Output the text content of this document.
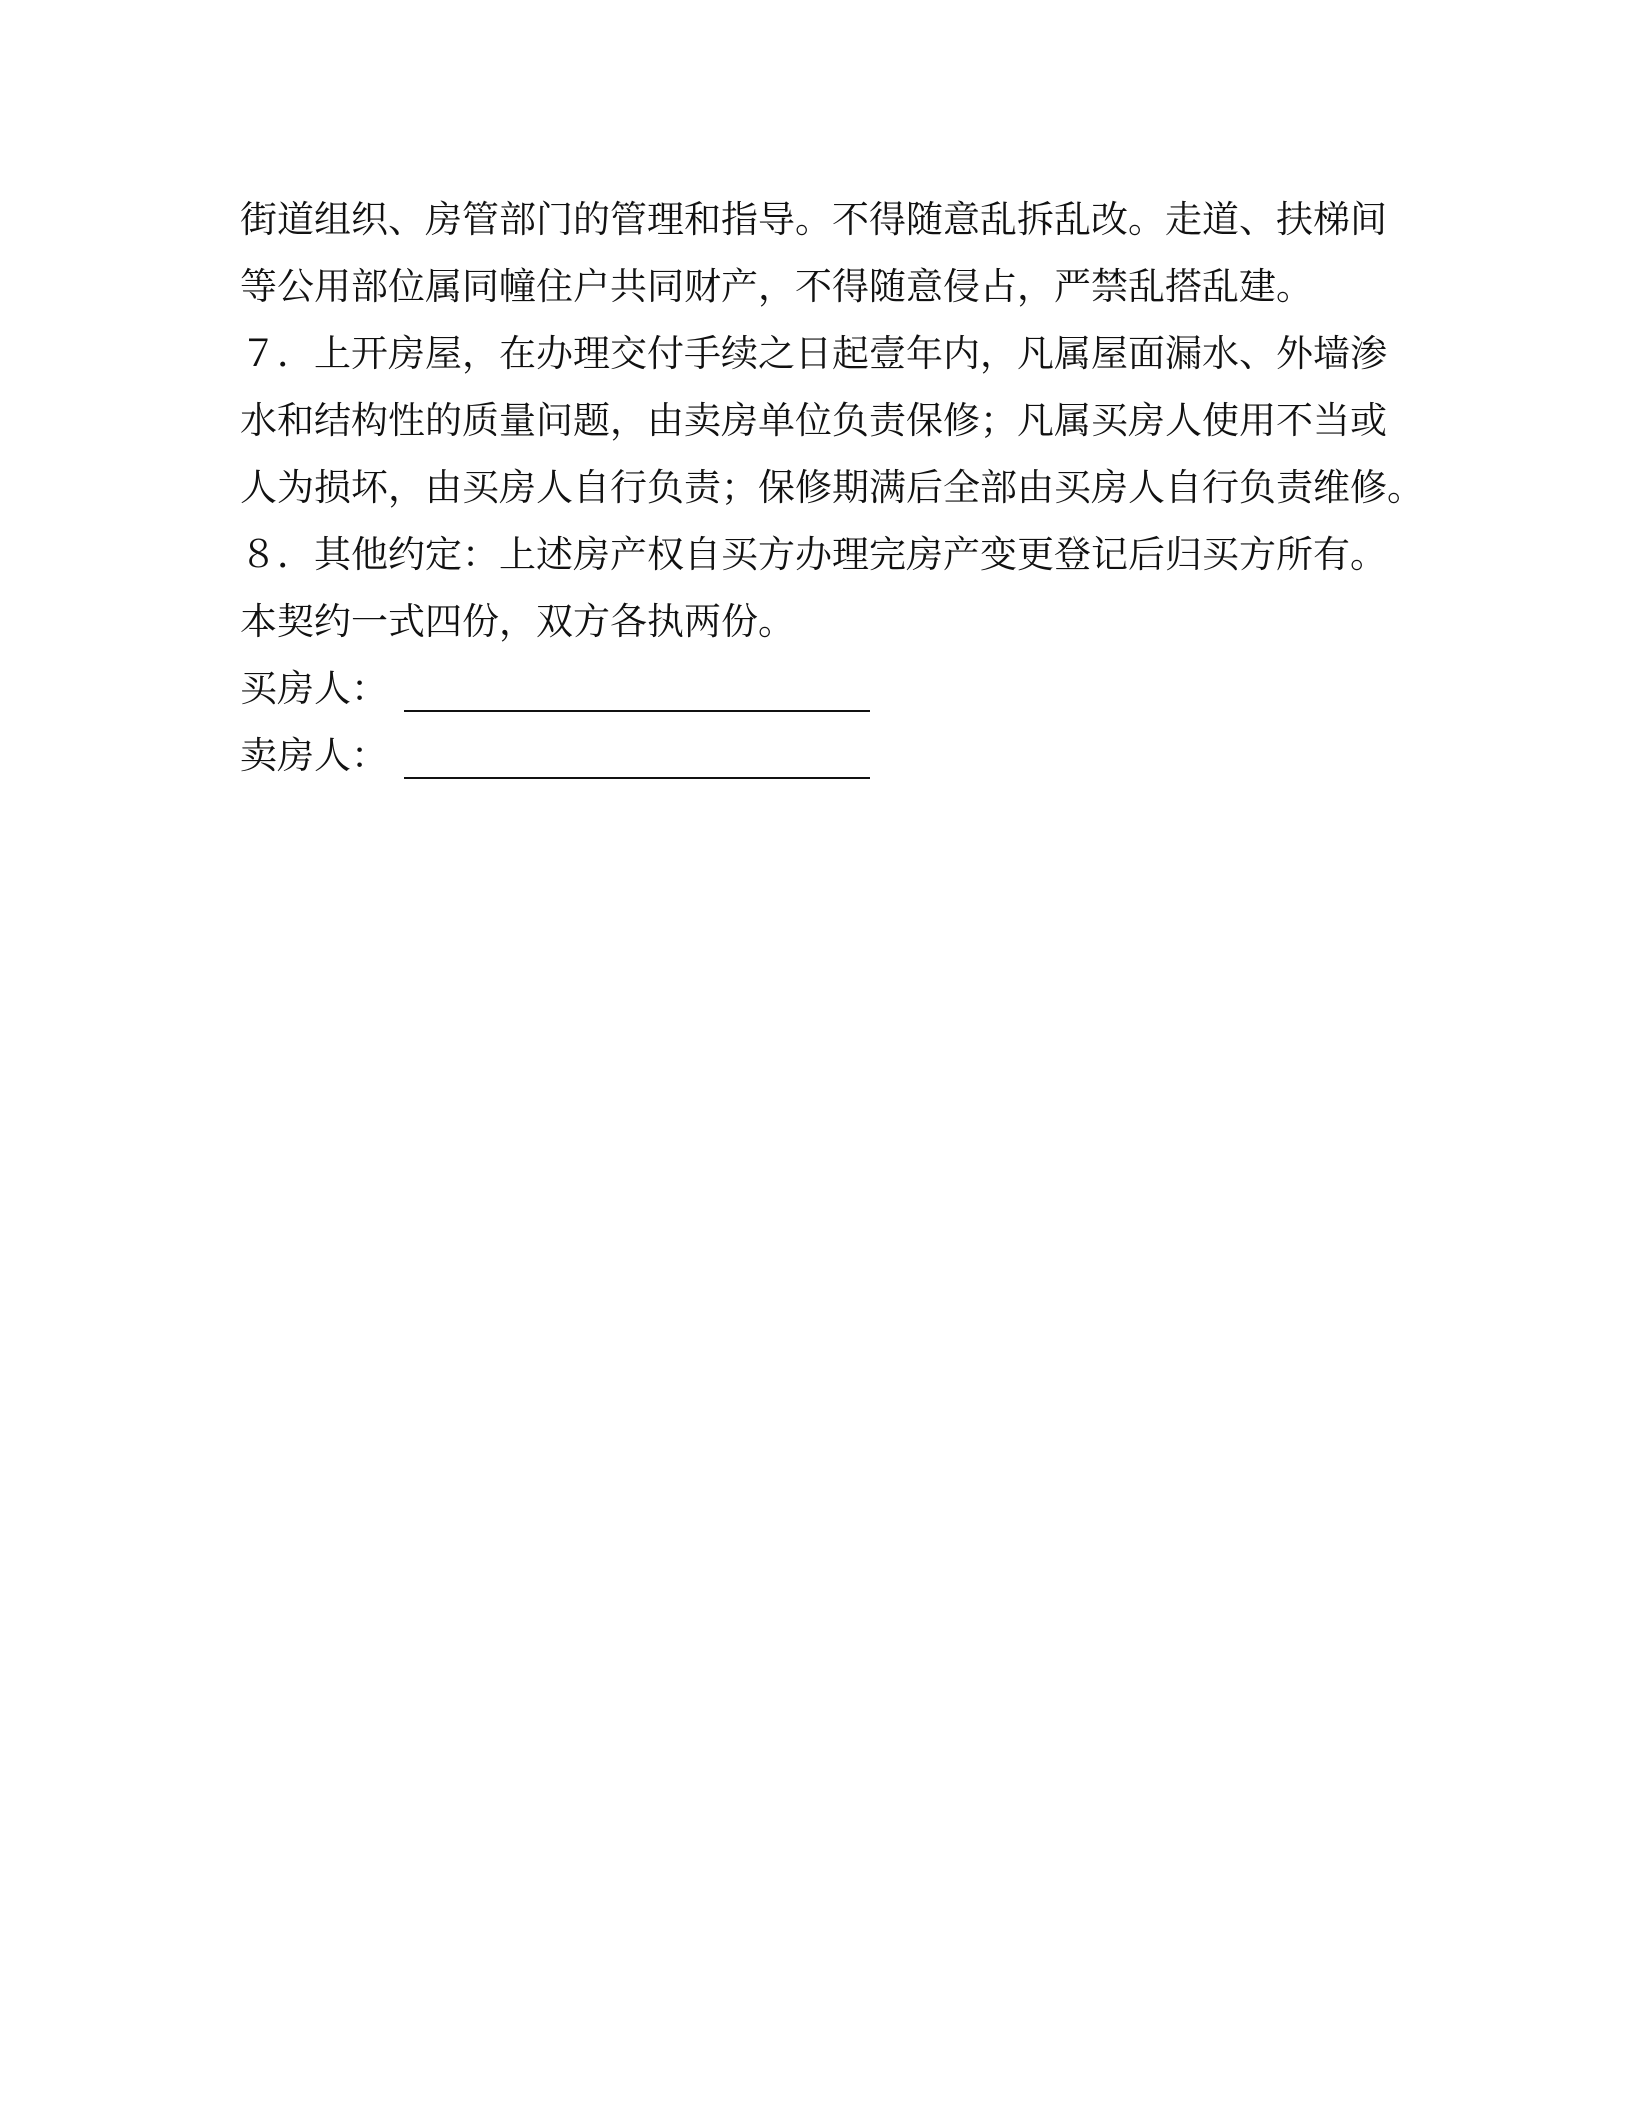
街道组织、房管部门的管理和指导。不得随意乱拆乱改。走道、扶梯间
等公用部位属同幢住户共同财产，不得随意侵占，严禁乱搭乱建。
７．上开房屋，在办理交付手续之日起壹年内，凡属屋面漏水、外墙渗
水和结构性的质量问题，由卖房单位负责保修；凡属买房人使用不当或
人为损坏，由买房人自行负责；保修期满后全部由买房人自行负责维修。
８．其他约定：上述房产权自买方办理完房产变更登记后归买方所有。
本契约一式四份，双方各执两份。
买房人：
卖房人：
